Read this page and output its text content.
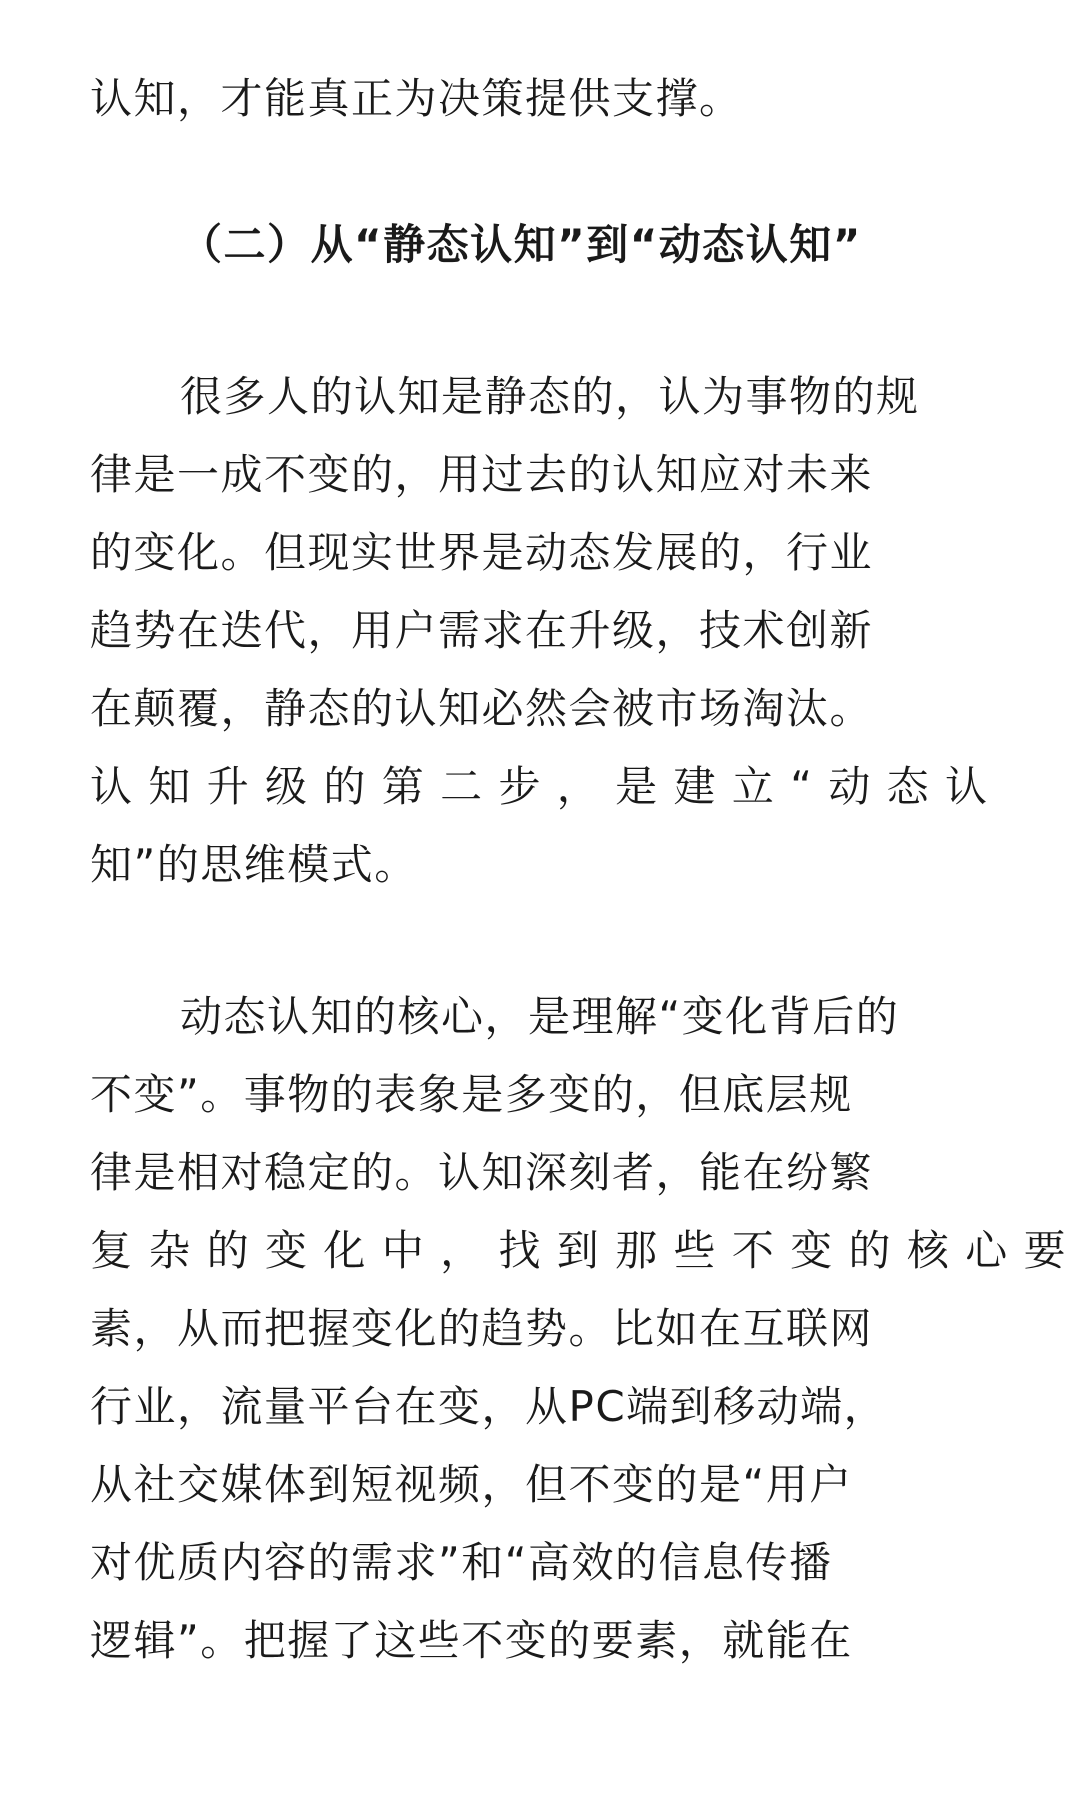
认知，才能真正为决策提供支撑。

很多人的认知是静态的，认为事物的规
律是一成不变的，用过去的认知应对未来
的变化。但现实世界是动态发展的，行业
趋势在迭代，用户需求在升级，技术创新
在颠覆，静态的认知必然会被市场淘汰。
认 知 升 级 的 第 二 步 ， 是 建 立 “ 动 态 认
知”的思维模式。

动态认知的核心，是理解“变化背后的
不变”。事物的表象是多变的，但底层规
律是相对稳定的。认知深刻者，能在纷繁
复 杂 的 变 化 中 ， 找 到 那 些 不 变 的 核 心 要
素，从而把握变化的趋势。比如在互联网
行业，流量平台在变，从PC端到移动端，
从社交媒体到短视频，但不变的是“用户
对优质内容的需求”和“高效的信息传播
逻辑”。把握了这些不变的要素，就能在

（二）从“静态认知”到“动态认知”
